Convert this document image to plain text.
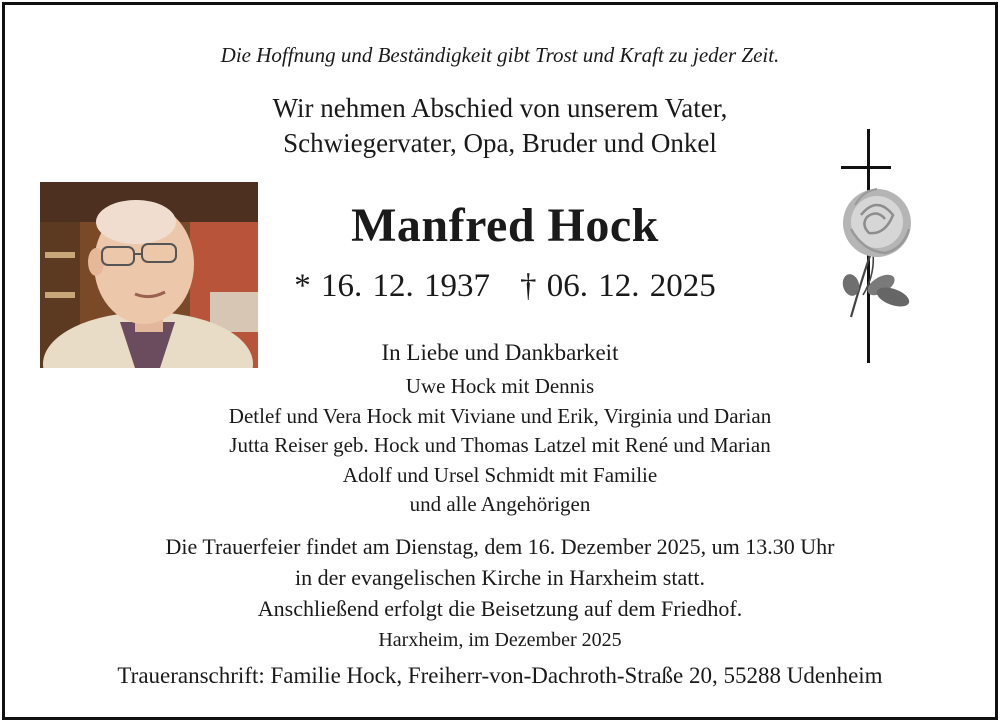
Die Hoffnung und Beständigkeit gibt Trost und Kraft zu jeder Zeit.
Wir nehmen Abschied von unserem Vater,
Schwiegervater, Opa, Bruder und Onkel
Manfred Hock
* 16. 12. 1937 † 06. 12. 2025
In Liebe und Dankbarkeit
Uwe Hock mit Dennis
Detlef und Vera Hock mit Viviane und Erik, Virginia und Darian
Jutta Reiser geb. Hock und Thomas Latzel mit René und Marian
Adolf und Ursel Schmidt mit Familie
und alle Angehörigen
Die Trauerfeier findet am Dienstag, dem 16. Dezember 2025, um 13.30 Uhr
in der evangelischen Kirche in Harxheim statt.
Anschließend erfolgt die Beisetzung auf dem Friedhof.
Harxheim, im Dezember 2025
Traueranschrift: Familie Hock, Freiherr-von-Dachroth-Straße 20, 55288 Udenheim
